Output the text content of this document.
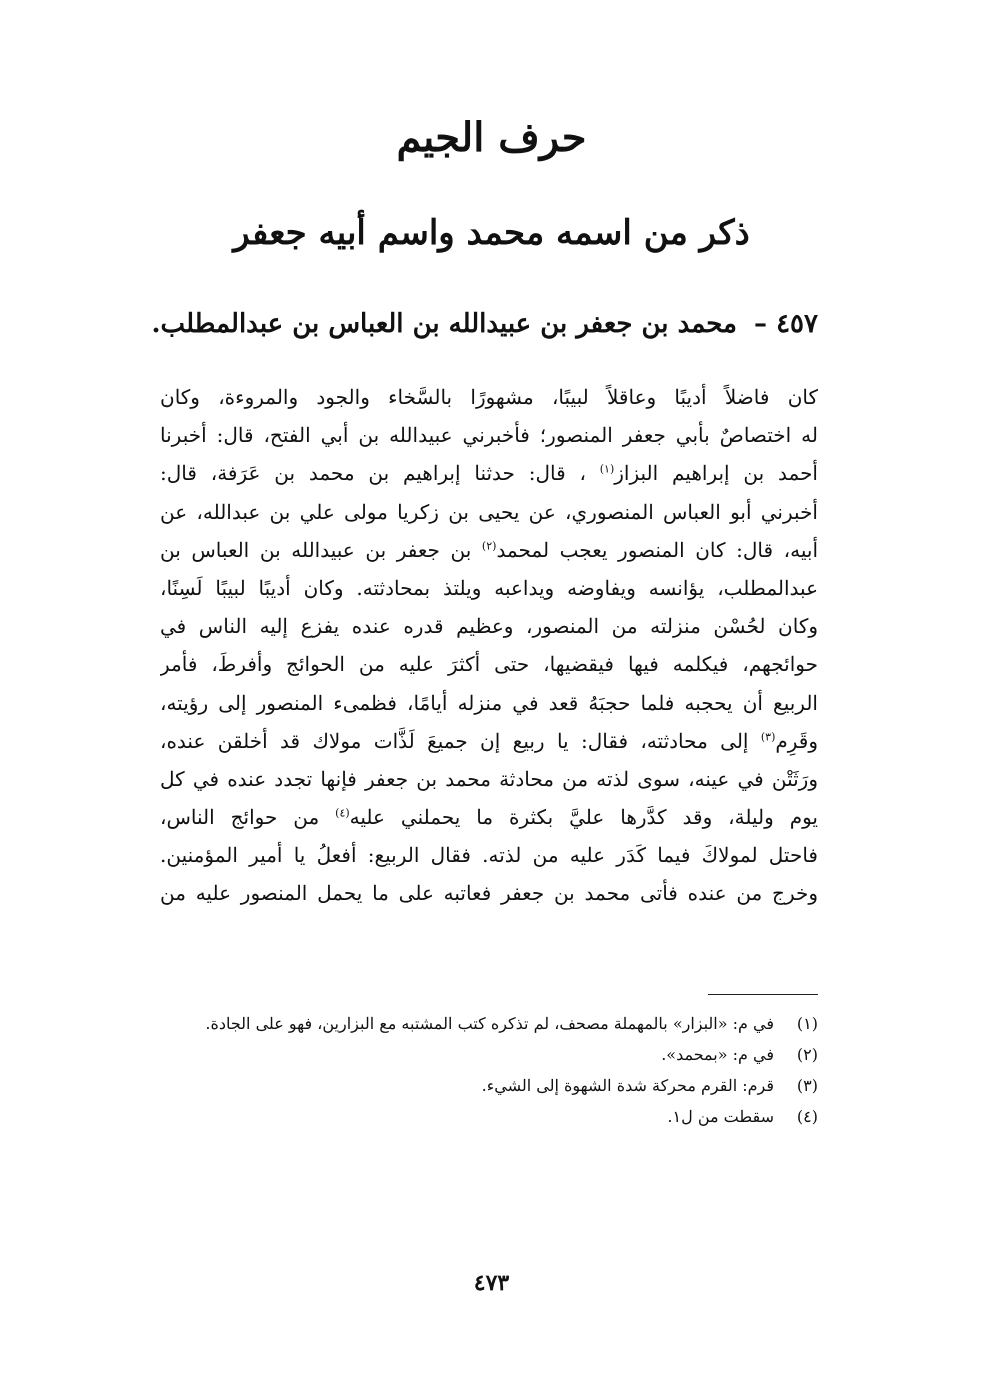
حرف الجيم
ذكر من اسمه محمد واسم أبيه جعفر
٤٥٧ – محمد بن جعفر بن عبيدالله بن العباس بن عبدالمطلب.
كان فاضلاً أديبًا وعاقلاً لبيبًا، مشهورًا بالسَّخاء والجود والمروءة، وكان
له اختصاصٌ بأبي جعفر المنصور؛ فأخبرني عبيدالله بن أبي الفتح، قال: أخبرنا
أحمد بن إبراهيم البزاز$^{(١)}$ ، قال: حدثنا إبراهيم بن محمد بن عَرَفة، قال:
أخبرني أبو العباس المنصوري، عن يحيى بن زكريا مولى علي بن عبدالله، عن
أبيه، قال: كان المنصور يعجب لمحمد$^{(٢)}$ بن جعفر بن عبيدالله بن العباس بن
عبدالمطلب، يؤانسه ويفاوضه ويداعبه ويلتذ بمحادثته. وكان أديبًا لبيبًا لَسِنًا،
وكان لحُسْن منزلته من المنصور، وعظيم قدره عنده يفزع إليه الناس في
حوائجهم، فيكلمه فيها فيقضيها، حتى أكثرَ عليه من الحوائج وأفرطَ، فأمر
الربيع أن يحجبه فلما حجبَهُ قعد في منزله أيامًا، فظمىء المنصور إلى رؤيته،
وقَرِم$^{(٣)}$ إلى محادثته، فقال: يا ربيع إن جميعَ لَذَّات مولاك قد أخلقن عنده،
ورَثَتْن في عينه، سوى لذته من محادثة محمد بن جعفر فإنها تجدد عنده في كل
يوم وليلة، وقد كدَّرها عليَّ بكثرة ما يحملني عليه$^{(٤)}$ من حوائج الناس،
فاحتل لمولاكَ فيما كَدَر عليه من لذته. فقال الربيع: أفعلُ يا أمير المؤمنين.
وخرج من عنده فأتى محمد بن جعفر فعاتبه على ما يحمل المنصور عليه من
(١)
في م: «البزار» بالمهملة مصحف، لم تذكره كتب المشتبه مع البزارين، فهو على الجادة.
(٢)
في م: «بمحمد».
(٣)
قرم: القرم محركة شدة الشهوة إلى الشيء.
(٤)
سقطت من ل١.
٤٧٣
